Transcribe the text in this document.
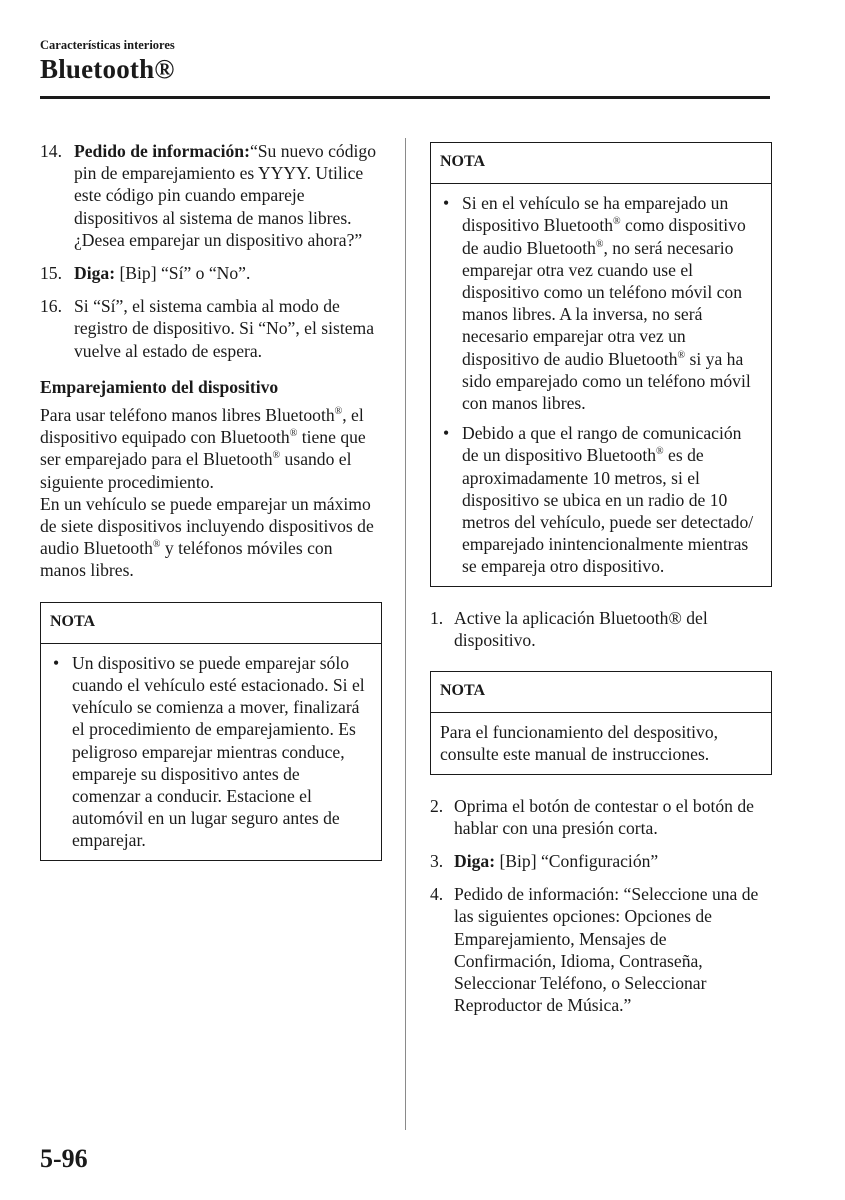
Características interiores
Bluetooth®
14. Pedido de información:“Su nuevo código pin de emparejamiento es YYYY. Utilice este código pin cuando empareje dispositivos al sistema de manos libres. ¿Desea emparejar un dispositivo ahora?”
15. Diga: [Bip] “Sí” o “No”.
16. Si “Sí”, el sistema cambia al modo de registro de dispositivo. Si “No”, el sistema vuelve al estado de espera.
Emparejamiento del dispositivo

Para usar teléfono manos libres Bluetooth®, el dispositivo equipado con Bluetooth® tiene que ser emparejado para el Bluetooth® usando el siguiente procedimiento.

En un vehículo se puede emparejar un máximo de siete dispositivos incluyendo dispositivos de audio Bluetooth® y teléfonos móviles con manos libres.

NOTA
• Un dispositivo se puede emparejar sólo cuando el vehículo esté estacionado. Si el vehículo se comienza a mover, finalizará el procedimiento de emparejamiento. Es peligroso emparejar mientras conduce, empareje su dispositivo antes de comenzar a conducir. Estacione el automóvil en un lugar seguro antes de emparejar.
NOTA
• Si en el vehículo se ha emparejado un dispositivo Bluetooth® como dispositivo de audio Bluetooth®, no será necesario emparejar otra vez cuando use el dispositivo como un teléfono móvil con manos libres. A la inversa, no será necesario emparejar otra vez un dispositivo de audio Bluetooth® si ya ha sido emparejado como un teléfono móvil con manos libres.
• Debido a que el rango de comunicación de un dispositivo Bluetooth® es de aproximadamente 10 metros, si el dispositivo se ubica en un radio de 10 metros del vehículo, puede ser detectado/ emparejado inintencionalmente mientras se empareja otro dispositivo.
1. Active la aplicación Bluetooth® del dispositivo.
NOTA
Para el funcionamiento del despositivo, consulte este manual de instrucciones.
2. Oprima el botón de contestar o el botón de hablar con una presión corta.
3. Diga: [Bip] “Configuración”
4. Pedido de información: “Seleccione una de las siguientes opciones: Opciones de Emparejamiento, Mensajes de Confirmación, Idioma, Contraseña, Seleccionar Teléfono, o Seleccionar Reproductor de Música.”
5-96
